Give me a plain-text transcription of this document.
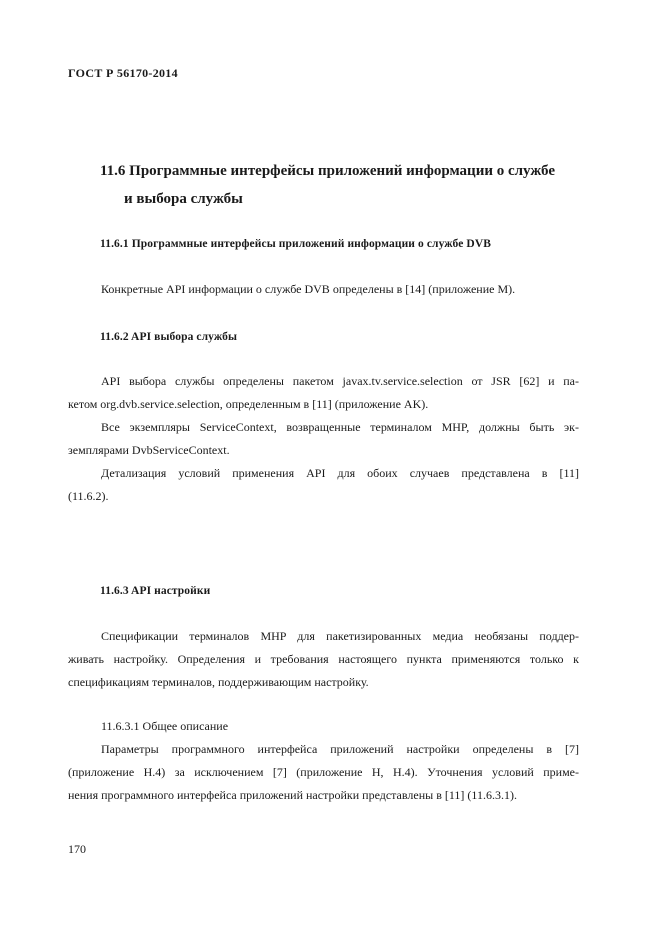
ГОСТ Р 56170-2014
11.6 Программные интерфейсы приложений информации о службе
и выбора службы
11.6.1 Программные интерфейсы приложений информации о службе DVB
Конкретные API информации о службе DVB определены в [14] (приложение M).
11.6.2 API выбора службы
API выбора службы определены пакетом javax.tv.service.selection от JSR [62] и па-
кетом org.dvb.service.selection, определенным в [11] (приложение AK).
Все экземпляры ServiceContext, возвращенные терминалом MHP, должны быть эк-
земплярами DvbServiceContext.
Детализация условий применения API для обоих случаев представлена в [11]
(11.6.2).
11.6.3 API настройки
Спецификации терминалов MHP для пакетизированных медиа необязаны поддер-
живать настройку. Определения и требования настоящего пункта применяются только к
спецификациям терминалов, поддерживающим настройку.
11.6.3.1 Общее описание
Параметры программного интерфейса приложений настройки определены в [7]
(приложение H.4) за исключением [7] (приложение H, H.4). Уточнения условий приме-
нения программного интерфейса приложений настройки представлены в [11] (11.6.3.1).
170
